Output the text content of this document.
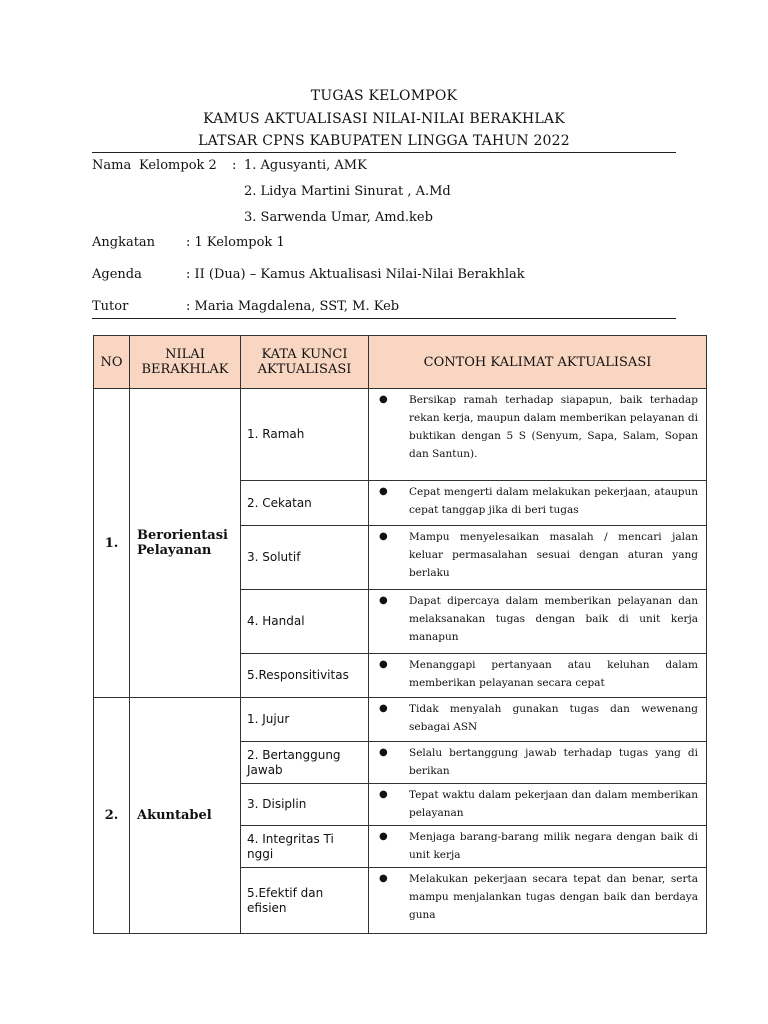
TUGAS KELOMPOK
KAMUS AKTUALISASI NILAI-NILAI BERAKHLAK
LATSAR CPNS KABUPATEN LINGGA TAHUN 2022
Nama Kelompok 2 : 1. Agusyanti, AMK
2. Lidya Martini Sinurat , A.Md
3. Sarwenda Umar, Amd.keb
Angkatan : 1 Kelompok 1
Agenda	: II (Dua) – Kamus Aktualisasi Nilai-Nilai Berakhlak
Tutor	: Maria Magdalena, SST, M. Keb
NO	NILAI BERAKHLAK	KATA KUNCI AKTUALISASI	CONTOH KALIMAT AKTUALISASI
1.	Berorientasi Pelayanan	1. Ramah	● Bersikap ramah terhadap siapapun, baik terhadap rekan kerja, maupun dalam memberikan pelayanan di buktikan dengan 5 S (Senyum, Sapa, Salam, Sopan dan Santun).

		2. Cekatan	● Cepat mengerti dalam melakukan pekerjaan, ataupun cepat tanggap jika di beri tugas

		3. Solutif	● Mampu menyelesaikan masalah / mencari jalan keluar permasalahan sesuai dengan aturan yang berlaku

		4. Handal	● Dapat dipercaya dalam memberikan pelayanan dan melaksanakan tugas dengan baik di unit kerja manapun

		5.Responsitivitas	● Menanggapi pertanyaan atau keluhan dalam memberikan pelayanan secara cepat

2.	Akuntabel	1. Jujur	● Tidak menyalah gunakan tugas dan wewenang sebagai ASN

		2. Bertanggung Jawab	● Selalu bertanggung jawab terhadap tugas yang di berikan

		3. Disiplin	● Tepat waktu dalam pekerjaan dan dalam memberikan pelayanan

		4. Integritas Ti nggi	● Menjaga barang-barang milik negara dengan baik di unit kerja

		5.Efektif dan efisien	● Melakukan pekerjaan secara tepat dan benar, serta mampu menjalankan tugas dengan baik dan berdaya guna
